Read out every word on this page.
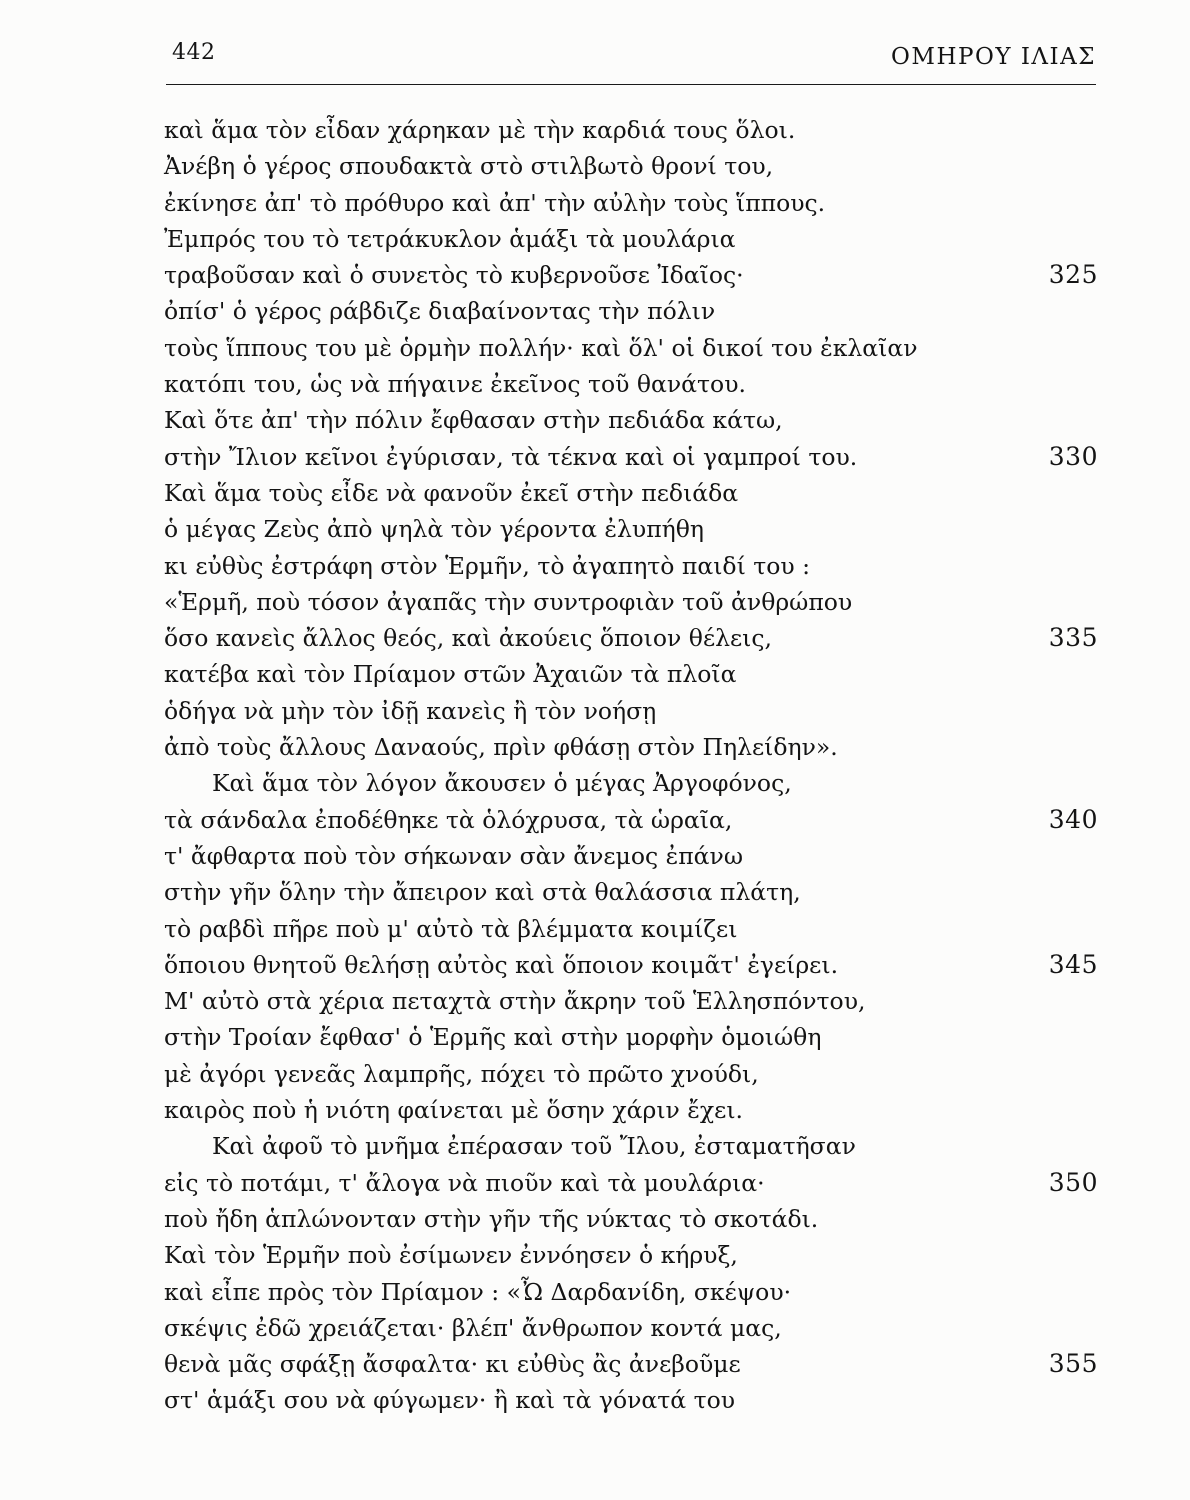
442	ΟΜΗΡΟΥ ΙΛΙΑΣ
καὶ ἅμα τὸν εἶδαν χάρηκαν μὲ τὴν καρδιά τους ὅλοι.
Ἀνέβη ὁ γέρος σπουδακτὰ στὸ στιλβωτὸ θρονί του,
ἐκίνησε ἀπ' τὸ πρόθυρο καὶ ἀπ' τὴν αὐλὴν τοὺς ἵππους.
Ἐμπρός του τὸ τετράκυκλον ἁμάξι τὰ μουλάρια
τραβοῦσαν καὶ ὁ συνετὸς τὸ κυβερνοῦσε Ἰδαῖος·	325
ὀπίσ' ὁ γέρος ράβδιζε διαβαίνοντας τὴν πόλιν
τοὺς ἵππους του μὲ ὁρμὴν πολλήν· καὶ ὅλ' οἱ δικοί του ἐκλαῖαν
κατόπι του, ὡς νὰ πήγαινε ἐκεῖνος τοῦ θανάτου.
Καὶ ὅτε ἀπ' τὴν πόλιν ἔφθασαν στὴν πεδιάδα κάτω,
στὴν Ἴλιον κεῖνοι ἐγύρισαν, τὰ τέκνα καὶ οἱ γαμπροί του.	330
Καὶ ἅμα τοὺς εἶδε νὰ φανοῦν ἐκεῖ στὴν πεδιάδα
ὁ μέγας Ζεὺς ἀπὸ ψηλὰ τὸν γέροντα ἐλυπήθη
κι εὐθὺς ἐστράφη στὸν Ἑρμῆν, τὸ ἀγαπητὸ παιδί του :
«Ἑρμῆ, ποὺ τόσον ἀγαπᾶς τὴν συντροφιὰν τοῦ ἀνθρώπου
ὅσο κανεὶς ἄλλος θεός, καὶ ἀκούεις ὅποιον θέλεις,	335
κατέβα καὶ τὸν Πρίαμον στῶν Ἀχαιῶν τὰ πλοῖα
ὁδήγα νὰ μὴν τὸν ἰδῇ κανεὶς ἢ τὸν νοήσῃ
ἀπὸ τοὺς ἄλλους Δαναούς, πρὶν φθάσῃ στὸν Πηλείδην».
Καὶ ἅμα τὸν λόγον ἄκουσεν ὁ μέγας Ἀργοφόνος,
τὰ σάνδαλα ἐποδέθηκε τὰ ὁλόχρυσα, τὰ ὡραῖα,	340
τ' ἄφθαρτα ποὺ τὸν σήκωναν σὰν ἄνεμος ἐπάνω
στὴν γῆν ὅλην τὴν ἄπειρον καὶ στὰ θαλάσσια πλάτη,
τὸ ραβδὶ πῆρε ποὺ μ' αὐτὸ τὰ βλέμματα κοιμίζει
ὅποιου θνητοῦ θελήσῃ αὐτὸς καὶ ὅποιον κοιμᾶτ' ἐγείρει.	345
Μ' αὐτὸ στὰ χέρια πεταχτὰ στὴν ἄκρην τοῦ Ἑλλησπόντου,
στὴν Τροίαν ἔφθασ' ὁ Ἑρμῆς καὶ στὴν μορφὴν ὁμοιώθη
μὲ ἀγόρι γενεᾶς λαμπρῆς, πόχει τὸ πρῶτο χνούδι,
καιρὸς ποὺ ἡ νιότη φαίνεται μὲ ὅσην χάριν ἔχει.
Καὶ ἀφοῦ τὸ μνῆμα ἐπέρασαν τοῦ Ἴλου, ἐσταματῆσαν
εἰς τὸ ποτάμι, τ' ἄλογα νὰ πιοῦν καὶ τὰ μουλάρια·	350
ποὺ ἤδη ἁπλώνονταν στὴν γῆν τῆς νύκτας τὸ σκοτάδι.
Καὶ τὸν Ἑρμῆν ποὺ ἐσίμωνεν ἐννόησεν ὁ κήρυξ,
καὶ εἶπε πρὸς τὸν Πρίαμον : «Ὦ Δαρδανίδη, σκέψου·
σκέψις ἐδῶ χρειάζεται· βλέπ' ἄνθρωπον κοντά μας,
θενὰ μᾶς σφάξῃ ἄσφαλτα· κι εὐθὺς ἂς ἀνεβοῦμε	355
στ' ἁμάξι σου νὰ φύγωμεν· ἢ καὶ τὰ γόνατά του
